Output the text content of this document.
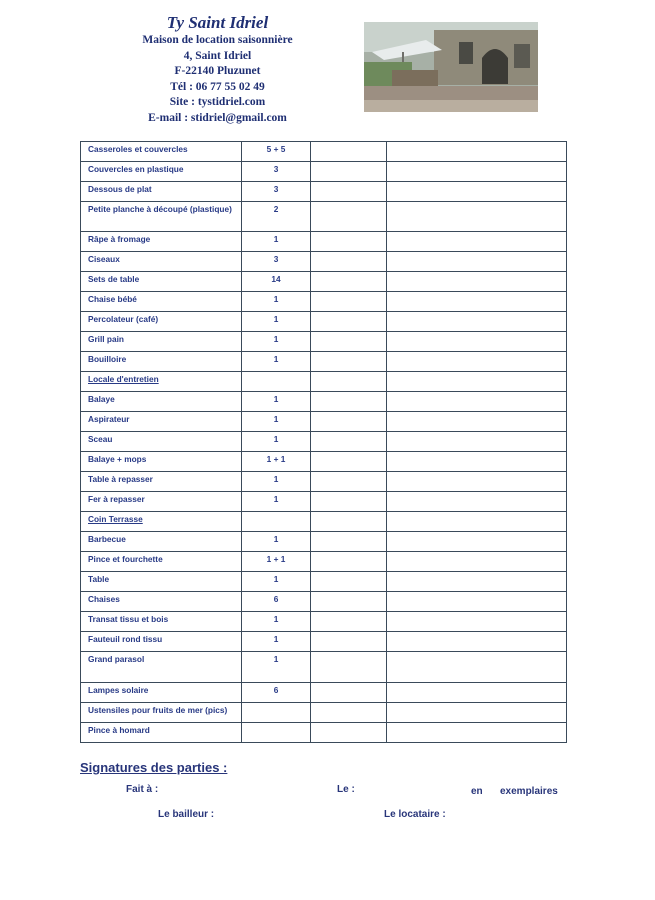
Ty Saint Idriel
Maison de location saisonnière
4, Saint Idriel
F-22140 Pluzunet
Tél : 06 77 55 02 49
Site : tystidriel.com
E-mail : stidriel@gmail.com
Casseroles et couvercles	5 + 5		
Couvercles en plastique	3		
Dessous de plat	3		
Petite planche à découpé (plastique)	2		
Râpe à fromage	1		
Ciseaux	3		
Sets de table	14		
Chaise bébé	1		
Percolateur (café)	1		
Grill pain	1		
Bouilloire	1		
Locale d'entretien			
Balaye	1		
Aspirateur	1		
Sceau	1		
Balaye + mops	1 + 1		
Table à repasser	1		
Fer à repasser	1		
Coin Terrasse			
Barbecue	1		
Pince et fourchette	1 + 1		
Table	1		
Chaises	6		
Transat tissu et bois	1		
Fauteuil rond tissu	1		
Grand parasol	1		
Lampes solaire	6		
Ustensiles pour fruits de mer (pics)			
Pince à homard			
Signatures des parties :
Fait à :	Le :	en exemplaires
Le bailleur :	Le locataire :
